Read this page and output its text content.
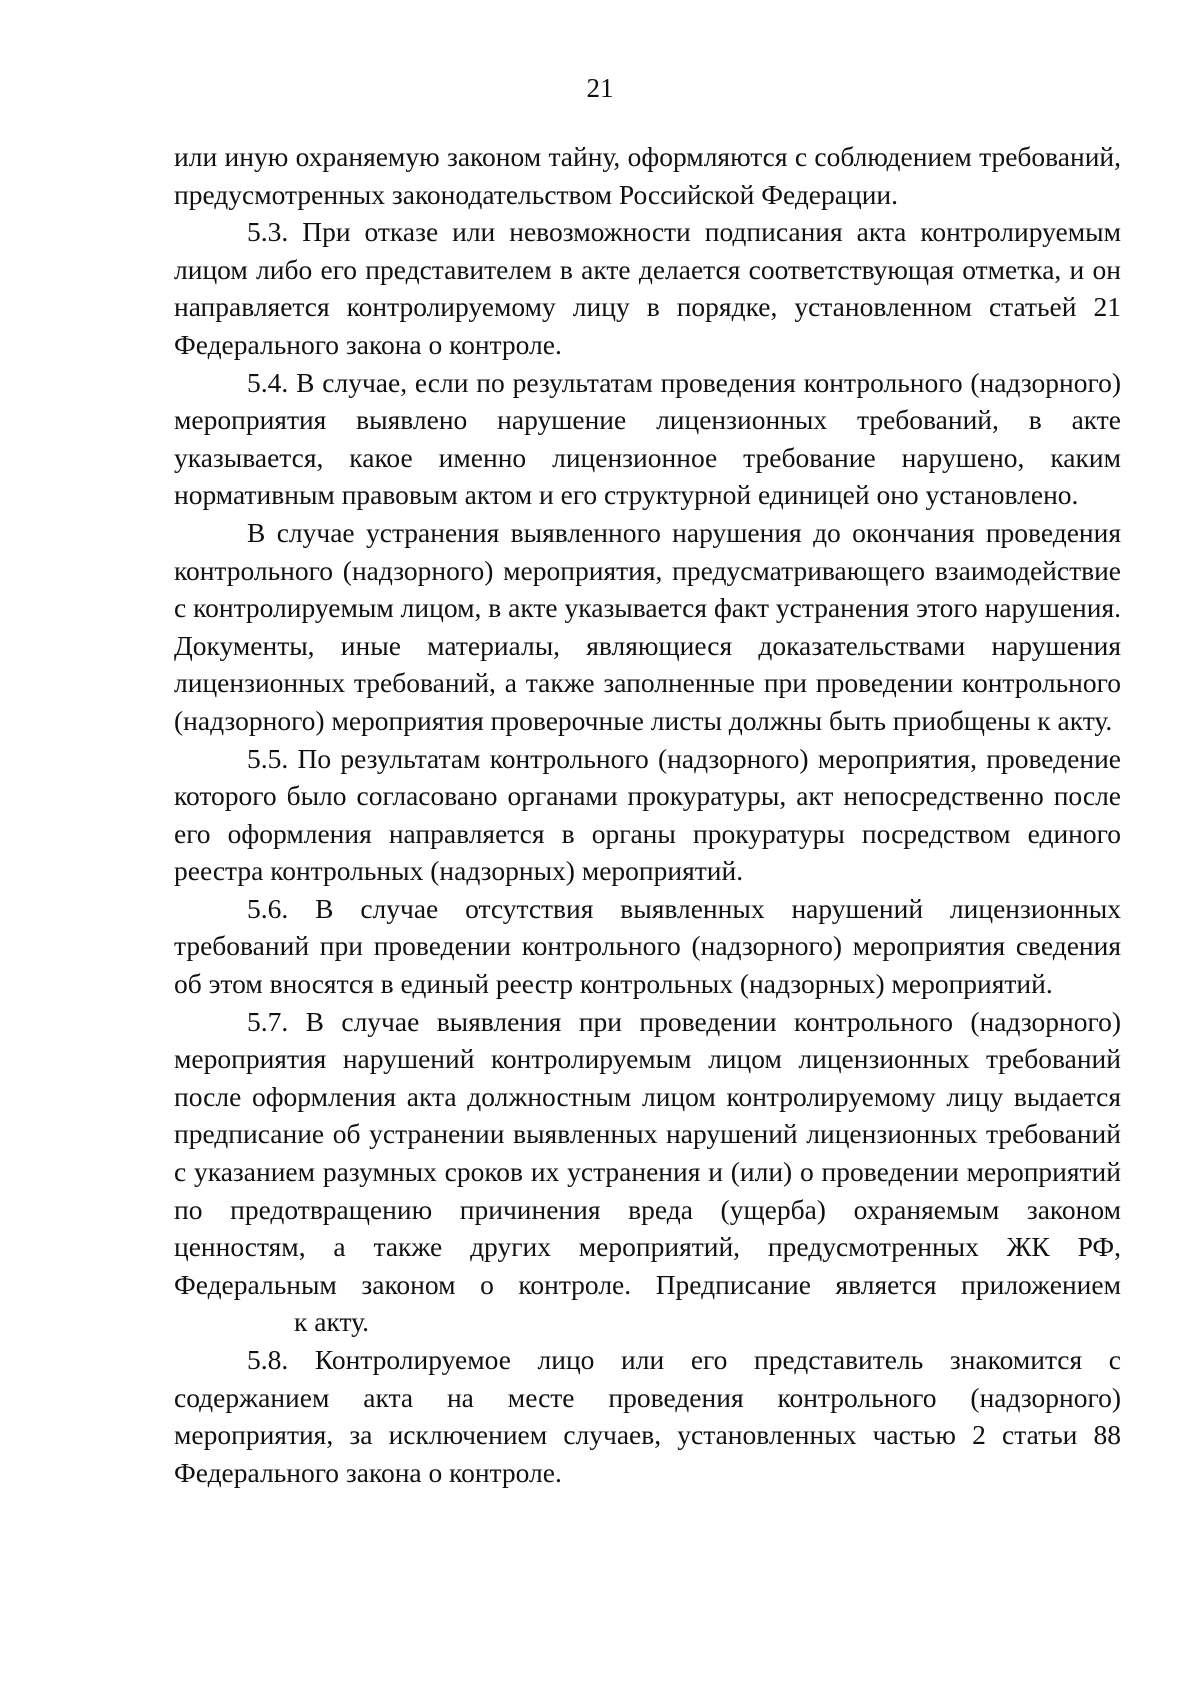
21

или иную охраняемую законом тайну, оформляются с соблюдением требований, предусмотренных законодательством Российской Федерации.

5.3. При отказе или невозможности подписания акта контролируемым лицом либо его представителем в акте делается соответствующая отметка, и он направляется контролируемому лицу в порядке, установленном статьей 21 Федерального закона о контроле.

5.4. В случае, если по результатам проведения контрольного (надзорного) мероприятия выявлено нарушение лицензионных требований, в акте указывается, какое именно лицензионное требование нарушено, каким нормативным правовым актом и его структурной единицей оно установлено.

В случае устранения выявленного нарушения до окончания проведения контрольного (надзорного) мероприятия, предусматривающего взаимодействие с контролируемым лицом, в акте указывается факт устранения этого нарушения. Документы, иные материалы, являющиеся доказательствами нарушения лицензионных требований, а также заполненные при проведении контрольного (надзорного) мероприятия проверочные листы должны быть приобщены к акту.

5.5. По результатам контрольного (надзорного) мероприятия, проведение которого было согласовано органами прокуратуры, акт непосредственно после его оформления направляется в органы прокуратуры посредством единого реестра контрольных (надзорных) мероприятий.

5.6. В случае отсутствия выявленных нарушений лицензионных требований при проведении контрольного (надзорного) мероприятия сведения об этом вносятся в единый реестр контрольных (надзорных) мероприятий.

5.7. В случае выявления при проведении контрольного (надзорного) мероприятия нарушений контролируемым лицом лицензионных требований после оформления акта должностным лицом контролируемому лицу выдается предписание об устранении выявленных нарушений лицензионных требований с указанием разумных сроков их устранения и (или) о проведении мероприятий по предотвращению причинения вреда (ущерба) охраняемым законом ценностям, а также других мероприятий, предусмотренных ЖК РФ, Федеральным законом о контроле. Предписание является приложениемк акту.

5.8. Контролируемое лицо или его представитель знакомится с содержанием акта на месте проведения контрольного (надзорного) мероприятия, за исключением случаев, установленных частью 2 статьи 88 Федерального закона о контроле.
